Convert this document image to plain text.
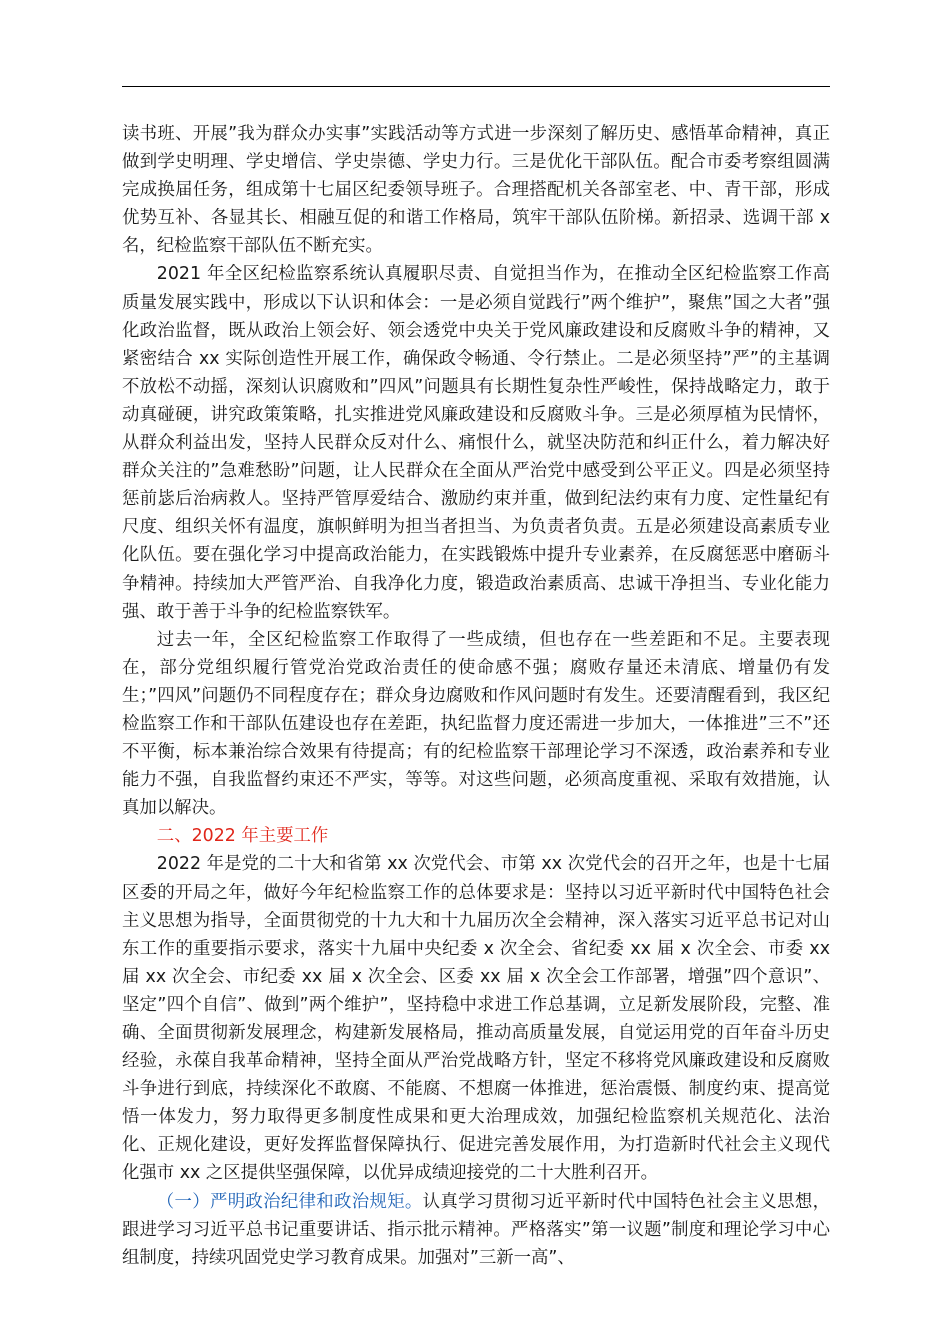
读书班、开展”我为群众办实事”实践活动等方式进一步深刻了解历史、感悟革命精神，真正做到学史明理、学史增信、学史崇德、学史力行。三是优化干部队伍。配合市委考察组圆满完成换届任务，组成第十七届区纪委领导班子。合理搭配机关各部室老、中、青干部，形成优势互补、各显其长、相融互促的和谐工作格局，筑牢干部队伍阶梯。新招录、选调干部 x 名，纪检监察干部队伍不断充实。

2021 年全区纪检监察系统认真履职尽责、自觉担当作为，在推动全区纪检监察工作高质量发展实践中，形成以下认识和体会：一是必须自觉践行”两个维护”，聚焦”国之大者”强化政治监督，既从政治上领会好、领会透党中央关于党风廉政建设和反腐败斗争的精神，又紧密结合 xx 实际创造性开展工作，确保政令畅通、令行禁止。二是必须坚持”严”的主基调不放松不动摇，深刻认识腐败和”四风”问题具有长期性复杂性严峻性，保持战略定力，敢于动真碰硬，讲究政策策略，扎实推进党风廉政建设和反腐败斗争。三是必须厚植为民情怀，从群众利益出发，坚持人民群众反对什么、痛恨什么，就坚决防范和纠正什么，着力解决好群众关注的”急难愁盼”问题，让人民群众在全面从严治党中感受到公平正义。四是必须坚持惩前毖后治病救人。坚持严管厚爱结合、激励约束并重，做到纪法约束有力度、定性量纪有尺度、组织关怀有温度，旗帜鲜明为担当者担当、为负责者负责。五是必须建设高素质专业化队伍。要在强化学习中提高政治能力，在实践锻炼中提升专业素养，在反腐惩恶中磨砺斗争精神。持续加大严管严治、自我净化力度，锻造政治素质高、忠诚干净担当、专业化能力强、敢于善于斗争的纪检监察铁军。

过去一年，全区纪检监察工作取得了一些成绩，但也存在一些差距和不足。主要表现在，部分党组织履行管党治党政治责任的使命感不强；腐败存量还未清底、增量仍有发生；”四风”问题仍不同程度存在；群众身边腐败和作风问题时有发生。还要清醒看到，我区纪检监察工作和干部队伍建设也存在差距，执纪监督力度还需进一步加大，一体推进”三不”还不平衡，标本兼治综合效果有待提高；有的纪检监察干部理论学习不深透，政治素养和专业能力不强，自我监督约束还不严实，等等。对这些问题，必须高度重视、采取有效措施，认真加以解决。

二、2022 年主要工作

2022 年是党的二十大和省第 xx 次党代会、市第 xx 次党代会的召开之年，也是十七届区委的开局之年，做好今年纪检监察工作的总体要求是：坚持以习近平新时代中国特色社会主义思想为指导，全面贯彻党的十九大和十九届历次全会精神，深入落实习近平总书记对山东工作的重要指示要求，落实十九届中央纪委 x 次全会、省纪委 xx 届 x 次全会、市委 xx 届 xx 次全会、市纪委 xx 届 x 次全会、区委 xx 届 x 次全会工作部署，增强”四个意识”、坚定”四个自信”、做到”两个维护”，坚持稳中求进工作总基调，立足新发展阶段，完整、准确、全面贯彻新发展理念，构建新发展格局，推动高质量发展，自觉运用党的百年奋斗历史经验，永葆自我革命精神，坚持全面从严治党战略方针，坚定不移将党风廉政建设和反腐败斗争进行到底，持续深化不敢腐、不能腐、不想腐一体推进，惩治震慑、制度约束、提高觉悟一体发力，努力取得更多制度性成果和更大治理成效，加强纪检监察机关规范化、法治化、正规化建设，更好发挥监督保障执行、促进完善发展作用，为打造新时代社会主义现代化强市 xx 之区提供坚强保障，以优异成绩迎接党的二十大胜利召开。

（一）严明政治纪律和政治规矩。认真学习贯彻习近平新时代中国特色社会主义思想，跟进学习习近平总书记重要讲话、指示批示精神。严格落实”第一议题”制度和理论学习中心组制度，持续巩固党史学习教育成果。加强对”三新一高”、
